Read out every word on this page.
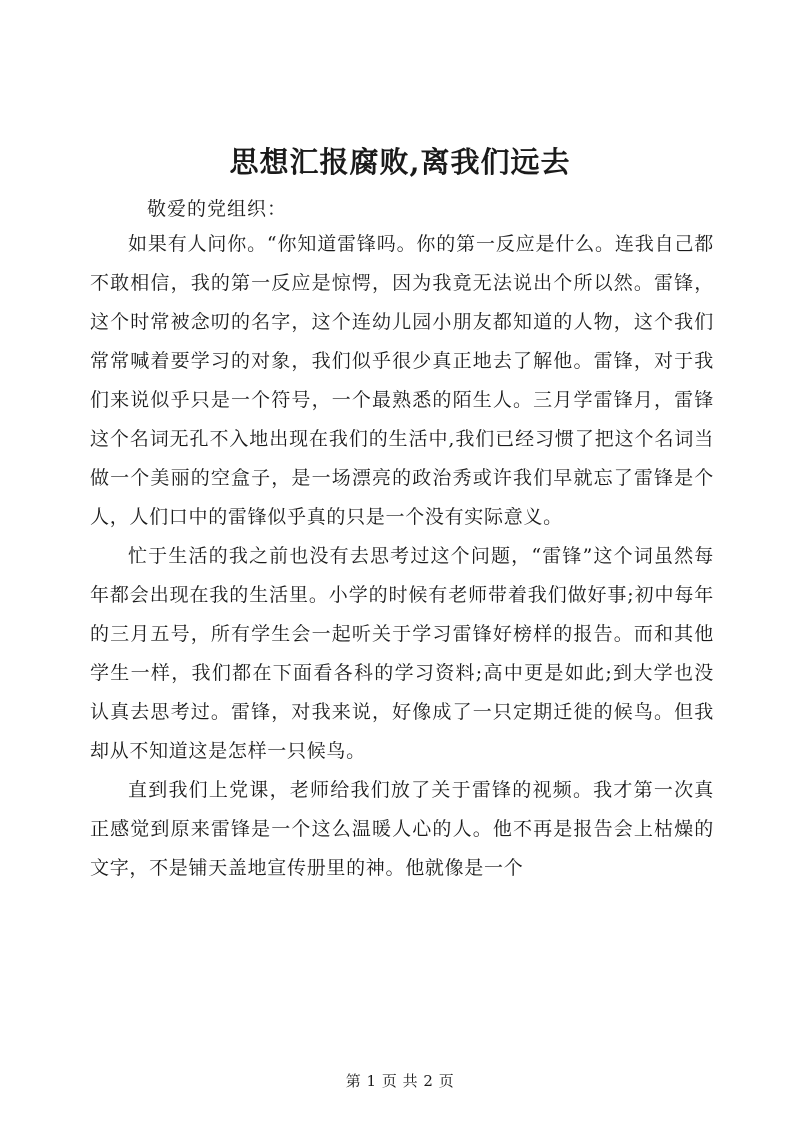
思想汇报腐败,离我们远去
敬爱的党组织：

如果有人问你。“你知道雷锋吗。你的第一反应是什么。连我自己都不敢相信，我的第一反应是惊愕，因为我竟无法说出个所以然。雷锋，这个时常被念叨的名字，这个连幼儿园小朋友都知道的人物，这个我们常常喊着要学习的对象，我们似乎很少真正地去了解他。雷锋，对于我们来说似乎只是一个符号，一个最熟悉的陌生人。三月学雷锋月，雷锋这个名词无孔不入地出现在我们的生活中,我们已经习惯了把这个名词当做一个美丽的空盒子，是一场漂亮的政治秀或许我们早就忘了雷锋是个人，人们口中的雷锋似乎真的只是一个没有实际意义。

忙于生活的我之前也没有去思考过这个问题，“雷锋”这个词虽然每年都会出现在我的生活里。小学的时候有老师带着我们做好事;初中每年的三月五号，所有学生会一起听关于学习雷锋好榜样的报告。而和其他学生一样，我们都在下面看各科的学习资料;高中更是如此;到大学也没认真去思考过。雷锋，对我来说，好像成了一只定期迁徙的候鸟。但我却从不知道这是怎样一只候鸟。

直到我们上党课，老师给我们放了关于雷锋的视频。我才第一次真正感觉到原来雷锋是一个这么温暖人心的人。他不再是报告会上枯燥的文字，不是铺天盖地宣传册里的神。他就像是一个

第 1 页 共 2 页
